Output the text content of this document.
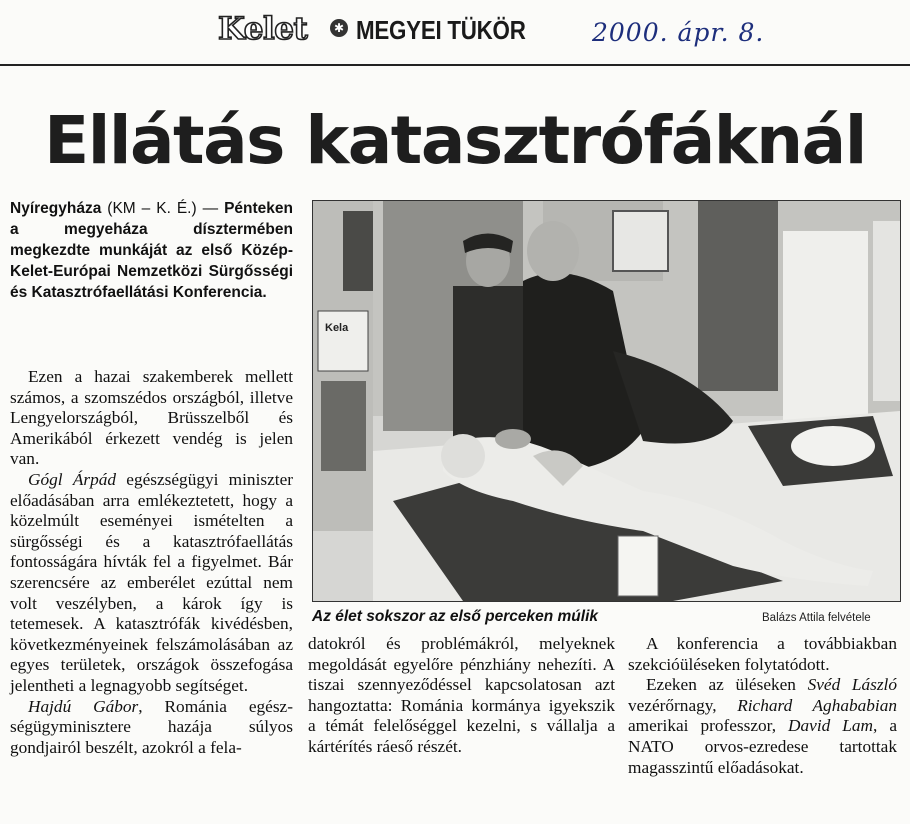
Kelet	✱ MEGYEI TÜKÖR	2000. ápr. 8.
Ellátás katasztrófáknál
Nyíregyháza (KM – K. É.) — Pénteken a megyeháza dísztermében megkezdte munkáját az első Közép-Kelet-Európai Nemzetközi Sürgősségi és Katasztrófaellátási Konferencia.

Ezen a hazai szakemberek mellett számos, a szomszédos országból, illetve Lengyelországból, Brüsszelből és Amerikából érkezett vendég is jelen van.

Gógl Árpád egészségügyi miniszter előadásában arra emlékeztetett, hogy a közelmúlt eseményei ismételten a sürgősségi és a katasztrófaellátás fontosságára hívták fel a figyelmet. Bár szerencsére az emberélet ezúttal nem volt veszélyben, a károk így is tetemesek. A katasztrófák kivédésben, következményeinek felszámolásában az egyes területek, országok összefogása jelentheti a legnagyobb segítséget.

Hajdú Gábor, Románia egészségügyminisztere hazája súlyos gondjairól beszélt, azokról a fela-

Kela
Az élet sokszor az első perceken múlik	Balázs Attila felvétele

datokról és problémákról, melyeknek megoldását egyelőre pénzhiány nehezíti. A tiszai szennyeződéssel kapcsolatosan azt hangoztatta: Románia kormánya igyekszik a témát felelőséggel kezelni, s vállalja a kártérítés ráeső részét.

A konferencia a továbbiakban szekcióüléseken folytatódott.

Ezeken az üléseken Svéd László vezérőrnagy, Richard Aghababian amerikai professzor, David Lam, a NATO orvos-ezredese tartottak magasszintű előadásokat.
